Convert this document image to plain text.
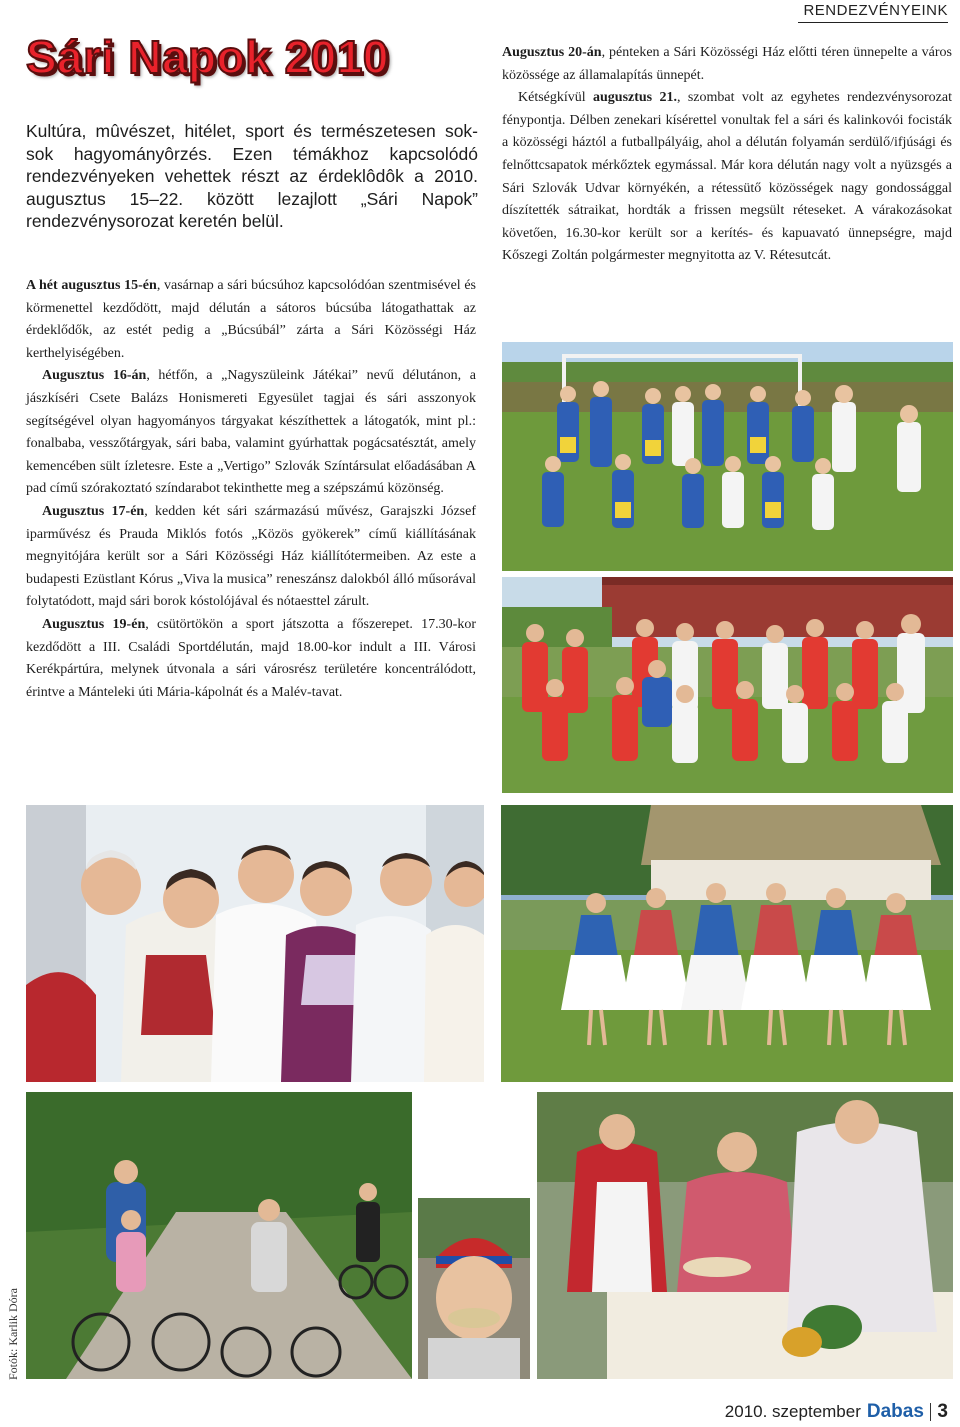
RENDEZVÉNYEINK
Sári Napok 2010
Kultúra, mûvészet, hitélet, sport és természetesen sok-sok hagyományôrzés. Ezen témákhoz kapcsolódó rendezvényeken vehettek részt az érdeklôdôk a 2010. augusztus 15–22. között lezajlott „Sári Napok” rendezvénysorozat keretén belül.

A hét augusztus 15-én, vasárnap a sári búcsúhoz kapcsolódóan szentmisével és körmenettel kezdődött, majd délután a sátoros búcsúba látogathattak az érdeklődők, az estét pedig a „Búcsúbál” zárta a Sári Közösségi Ház kerthelyiségében.

Augusztus 16-án, hétfőn, a „Nagyszüleink Játékai” nevű délutánon, a jászkíséri Csete Balázs Honismereti Egyesület tagjai és sári asszonyok segítségével olyan hagyományos tárgyakat készíthettek a látogatók, mint pl.: fonalbaba, vesszőtárgyak, sári baba, valamint gyúrhattak pogácsatésztát, amely kemencében sült ízletesre. Este a „Vertigo” Szlovák Színtársulat előadásában A pad című szórakoztató színdarabot tekinthette meg a szépszámú közönség.

Augusztus 17-én, kedden két sári származású művész, Garajszki József iparművész és Prauda Miklós fotós „Közös gyökerek” című kiállításának megnyitójára került sor a Sári Közösségi Ház kiállítótermeiben. Az este a budapesti Ezüstlant Kórus „Viva la musica” reneszánsz dalokból álló műsorával folytatódott, majd sári borok kóstolójával és nótaesttel zárult.

Augusztus 19-én, csütörtökön a sport játszotta a főszerepet. 17.30-kor kezdődött a III. Családi Sportdélután, majd 18.00-kor indult a III. Városi Kerékpártúra, melynek útvonala a sári városrész területére koncentrálódott, érintve a Mánteleki úti Mária-kápolnát és a Malév-tavat.

Augusztus 20-án, pénteken a Sári Közösségi Ház előtti téren ünnepelte a város közössége az államalapítás ünnepét.

Kétségkívül augusztus 21., szombat volt az egyhetes rendezvénysorozat fénypontja. Délben zenekari kísérettel vonultak fel a sári és kalinkovói focisták a közösségi háztól a futballpályáig, ahol a délután folyamán serdülő/ifjúsági és felnőttcsapatok mérkőztek egymással. Már kora délután nagy volt a nyüzsgés a Sári Szlovák Udvar környékén, a rétessütő közösségek nagy gondossággal díszítették sátraikat, hordták a frissen megsült réteseket. A várakozásokat követően, 16.30-kor került sor a kerítés- és kapuavató ünnepségre, majd Kőszegi Zoltán polgármester megnyitotta az V. Rétesutcát.

Fotók: Karlik Dóra
2010. szeptember Dabas 3
